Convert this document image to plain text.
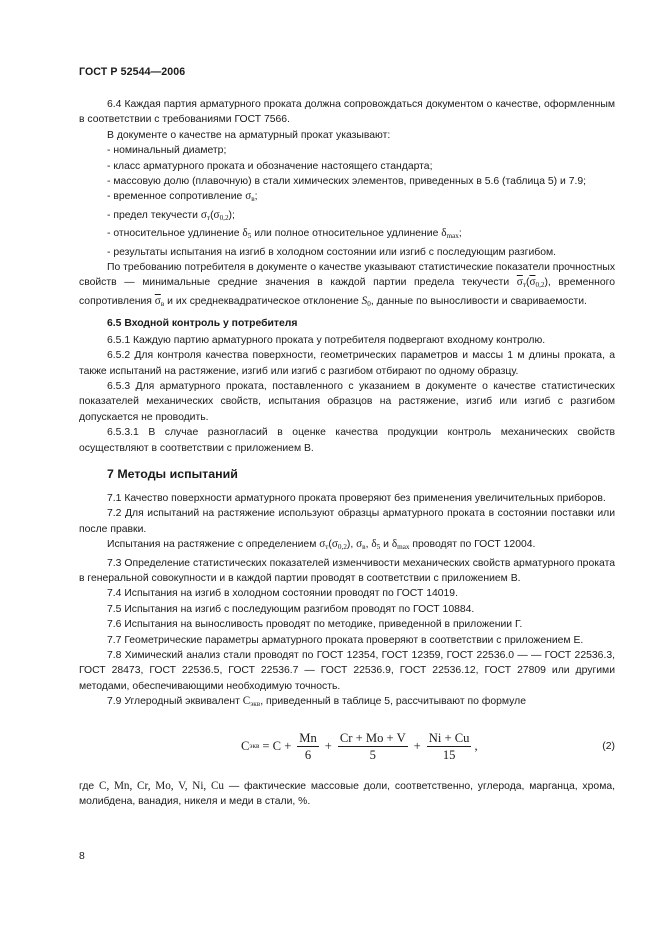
ГОСТ Р 52544—2006

6.4 Каждая партия арматурного проката должна сопровождаться документом о качестве, оформленным в соответствии с требованиями ГОСТ 7566.

В документе о качестве на арматурный прокат указывают:

- номинальный диаметр;

- класс арматурного проката и обозначение настоящего стандарта;

- массовую долю (плавочную) в стали химических элементов, приведенных в 5.6 (таблица 5) и 7.9;

- временное сопротивление $\sigma_в$;

- предел текучести $\sigma_т(\sigma_{0,2})$;

- относительное удлинение $\delta_5$ или полное относительное удлинение $\delta_{max}$;

- результаты испытания на изгиб в холодном состоянии или изгиб с последующим разгибом.

По требованию потребителя в документе о качестве указывают статистические показатели прочностных свойств — минимальные средние значения в каждой партии предела текучести $\overline{\sigma}_т(\overline{\sigma}_{0,2})$, временного сопротивления $\overline{\sigma}_в$ и их среднеквадратическое отклонение $S_0$, данные по выносливости и свариваемости.

6.5 Входной контроль у потребителя

6.5.1 Каждую партию арматурного проката у потребителя подвергают входному контролю.

6.5.2 Для контроля качества поверхности, геометрических параметров и массы 1 м длины проката, а также испытаний на растяжение, изгиб или изгиб с разгибом отбирают по одному образцу.

6.5.3 Для арматурного проката, поставленного с указанием в документе о качестве статистических показателей механических свойств, испытания образцов на растяжение, изгиб или изгиб с разгибом допускается не проводить.

6.5.3.1 В случае разногласий в оценке качества продукции контроль механических свойств осуществляют в соответствии с приложением В.

7 Методы испытаний

7.1 Качество поверхности арматурного проката проверяют без применения увеличительных приборов.

7.2 Для испытаний на растяжение используют образцы арматурного проката в состоянии поставки или после правки.

Испытания на растяжение с определением $\sigma_т(\sigma_{0,2})$, $\sigma_в$, $\delta_5$ и $\delta_{max}$ проводят по ГОСТ 12004.

7.3 Определение статистических показателей изменчивости механических свойств арматурного проката в генеральной совокупности и в каждой партии проводят в соответствии с приложением В.

7.4 Испытания на изгиб в холодном состоянии проводят по ГОСТ 14019.

7.5 Испытания на изгиб с последующим разгибом проводят по ГОСТ 10884.

7.6 Испытания на выносливость проводят по методике, приведенной в приложении Г.

7.7 Геометрические параметры арматурного проката проверяют в соответствии с приложением Е.

7.8 Химический анализ стали проводят по ГОСТ 12354, ГОСТ 12359, ГОСТ 22536.0 — — ГОСТ 22536.3, ГОСТ 28473, ГОСТ 22536.5, ГОСТ 22536.7 — ГОСТ 22536.9, ГОСТ 22536.12, ГОСТ 27809 или другими методами, обеспечивающими необходимую точность.

7.9 Углеродный эквивалент $C_{экв}$, приведенный в таблице 5, рассчитывают по формуле

C экв = $C + \frac{Mn}{6} + \frac{Cr + Mo + V}{5} + \frac{Ni + Cu}{15}$ ,	(2)

где C, Mn, Cr, Mo, V, Ni, Cu — фактические массовые доли, соответственно, углерода, марганца, хрома, молибдена, ванадия, никеля и меди в стали, %.

8
